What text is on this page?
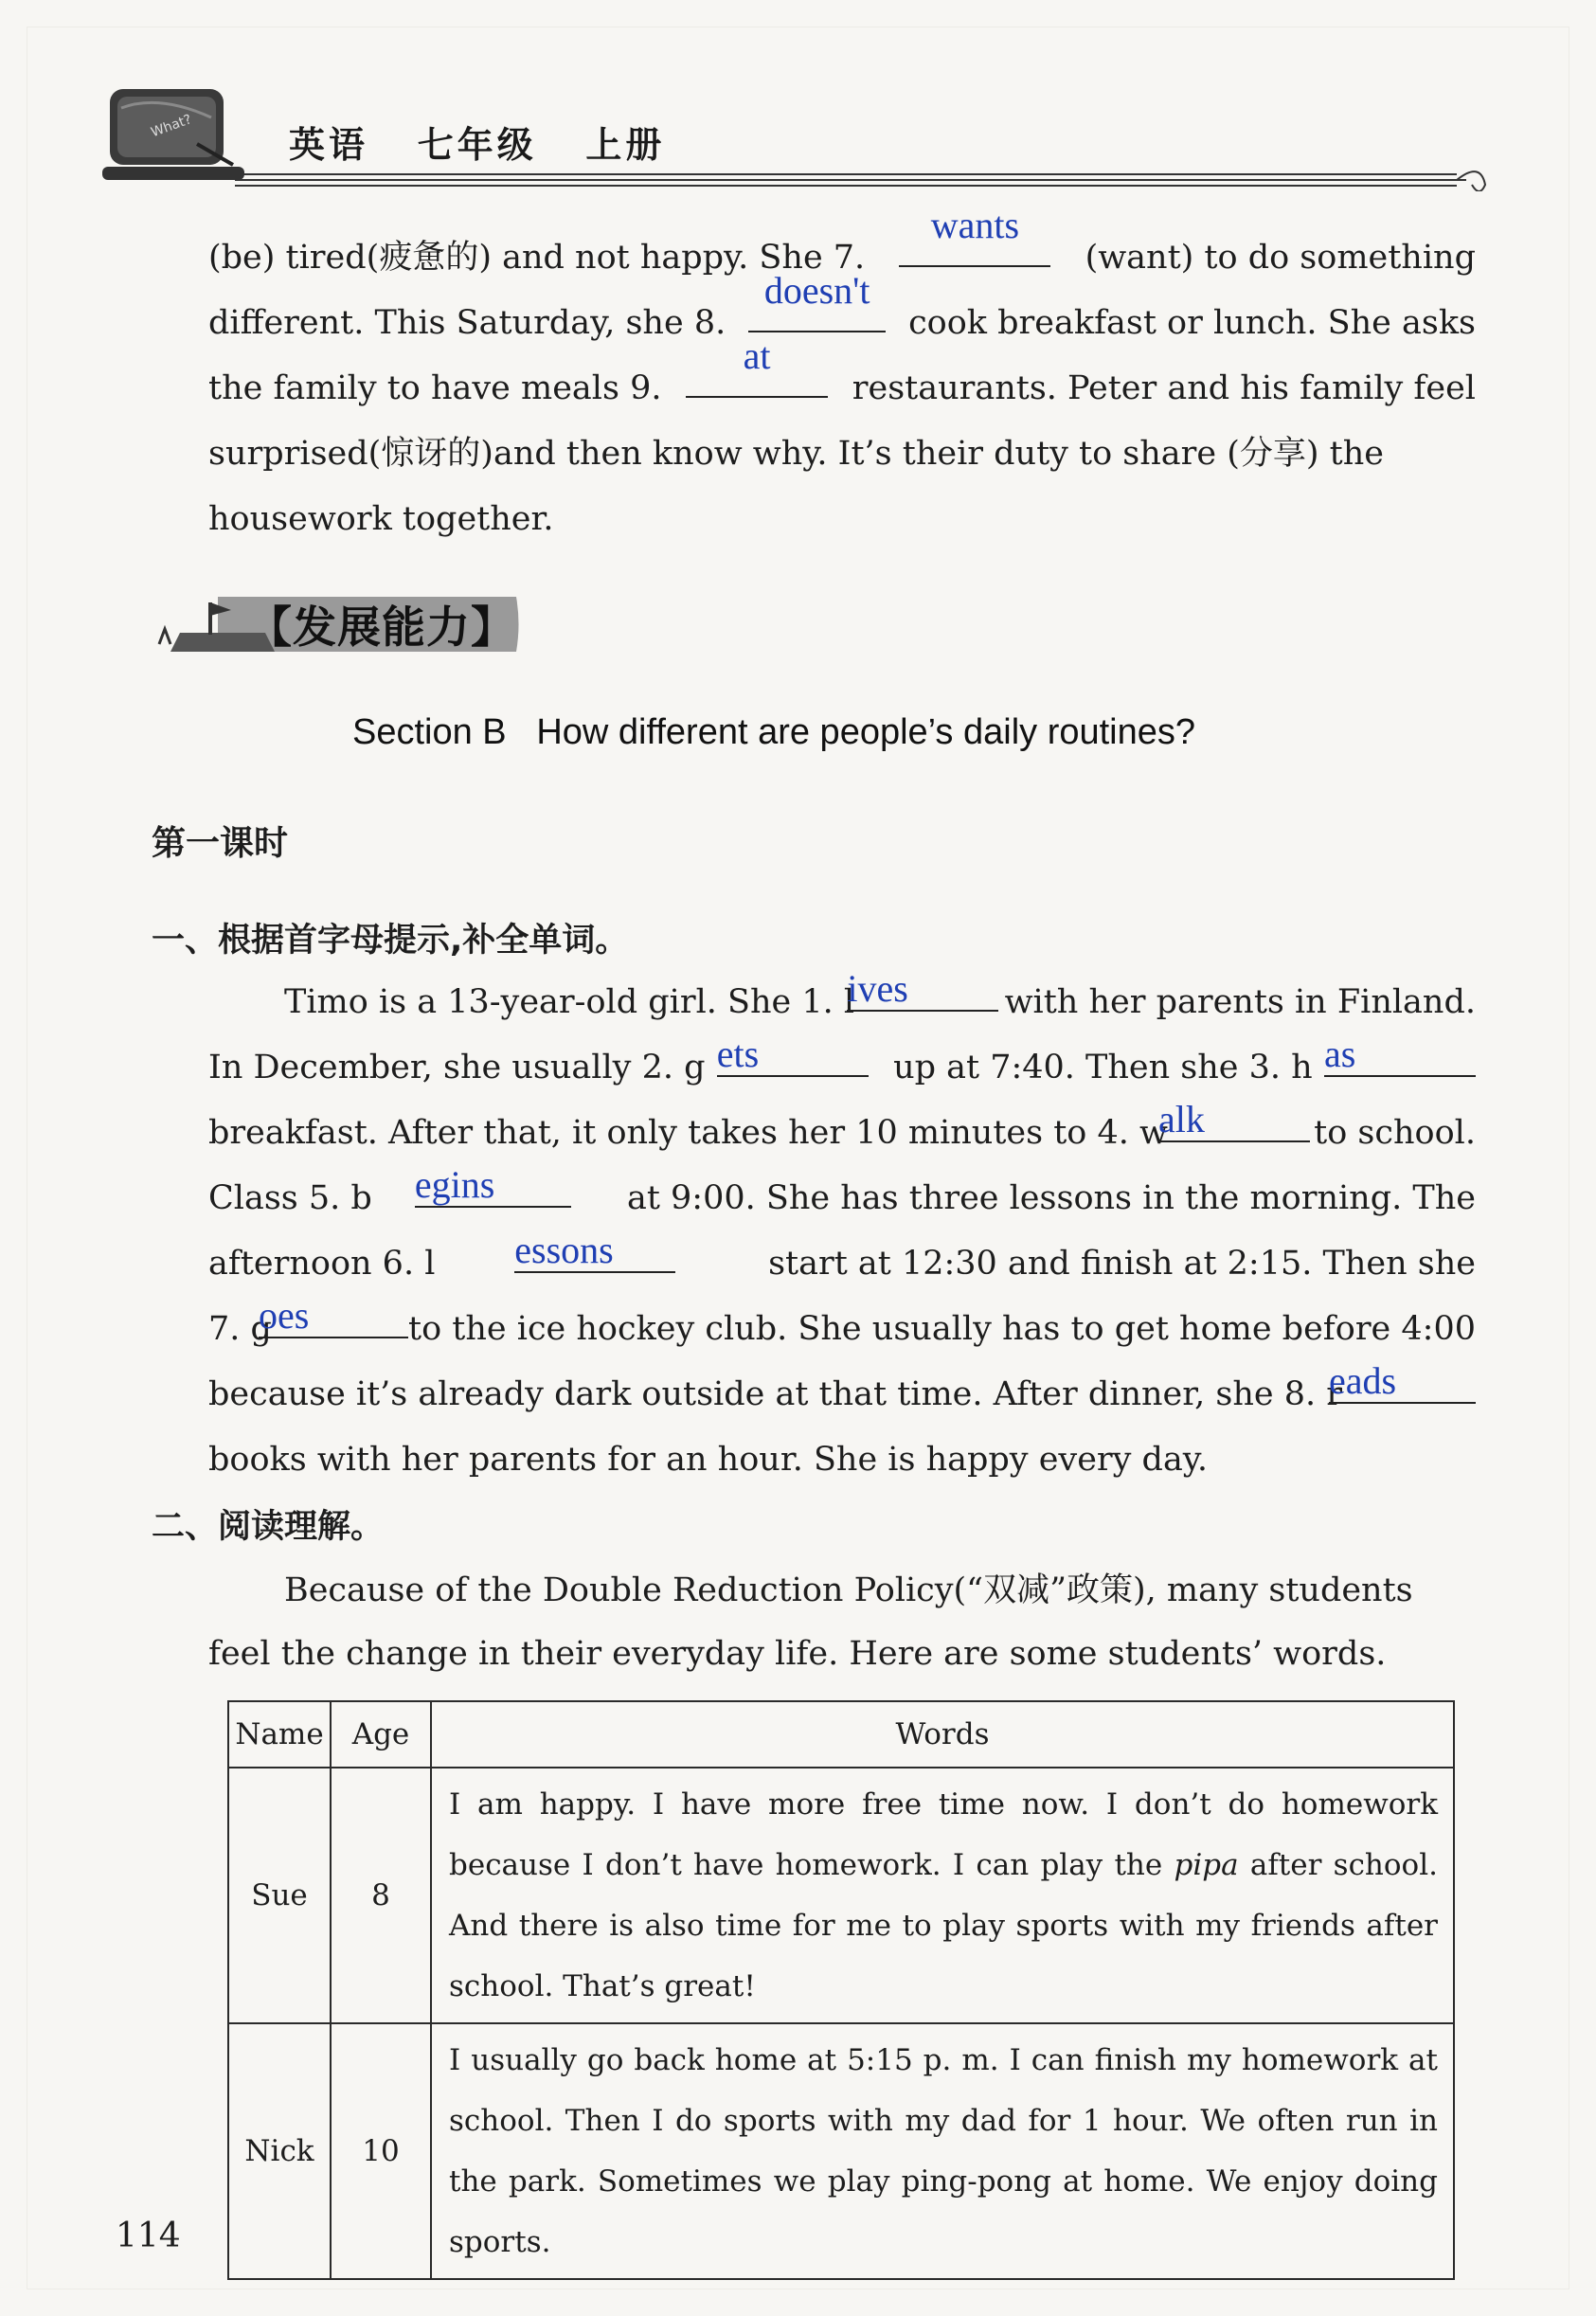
What?	英语   七年级   上册
(be) tired(疲惫的) and not happy. She 7.
wants
(want) to do something
different. This Saturday, she 8.
doesn't
cook breakfast or lunch. She asks
the family to have meals 9.
at
restaurants. Peter and his family feel
surprised(惊讶的)and then know why. It’s their duty to share (分享) the
housework together.
【发展能力】
Section B   How different are people’s daily routines?
第一课时
一、根据首字母提示,补全单词。
Timo is a 13-year-old girl. She 1. l
ives	with her parents in Finland.
In December, she usually 2. g ets	up at 7:40. Then she 3. h as
breakfast. After that, it only takes her 10 minutes to 4. w
alk	to school.
Class 5. b egins	at 9:00. She has three lessons in the morning. The
afternoon 6. l essons	start at 12:30 and finish at 2:15. Then she
7. g
oes	to the ice hockey club. She usually has to get home before 4:00
because it’s already dark outside at that time. After dinner, she 8. r
eads
books with her parents for an hour. She is happy every day.
二、阅读理解。
Because of the Double Reduction Policy(“双减”政策), many students
feel the change in their everyday life. Here are some students’ words.
Name	Age	Words
Sue	8	I am happy. I have more free time now. I don’t do homework because I don’t have homework. I can play the pipa after school. And there is also time for me to play sports with my friends after school. That’s great!
Nick	10	I usually go back home at 5:15 p. m. I can finish my homework at school. Then I do sports with my dad for 1 hour. We often run in the park. Sometimes we play ping-pong at home. We enjoy doing sports.
114
